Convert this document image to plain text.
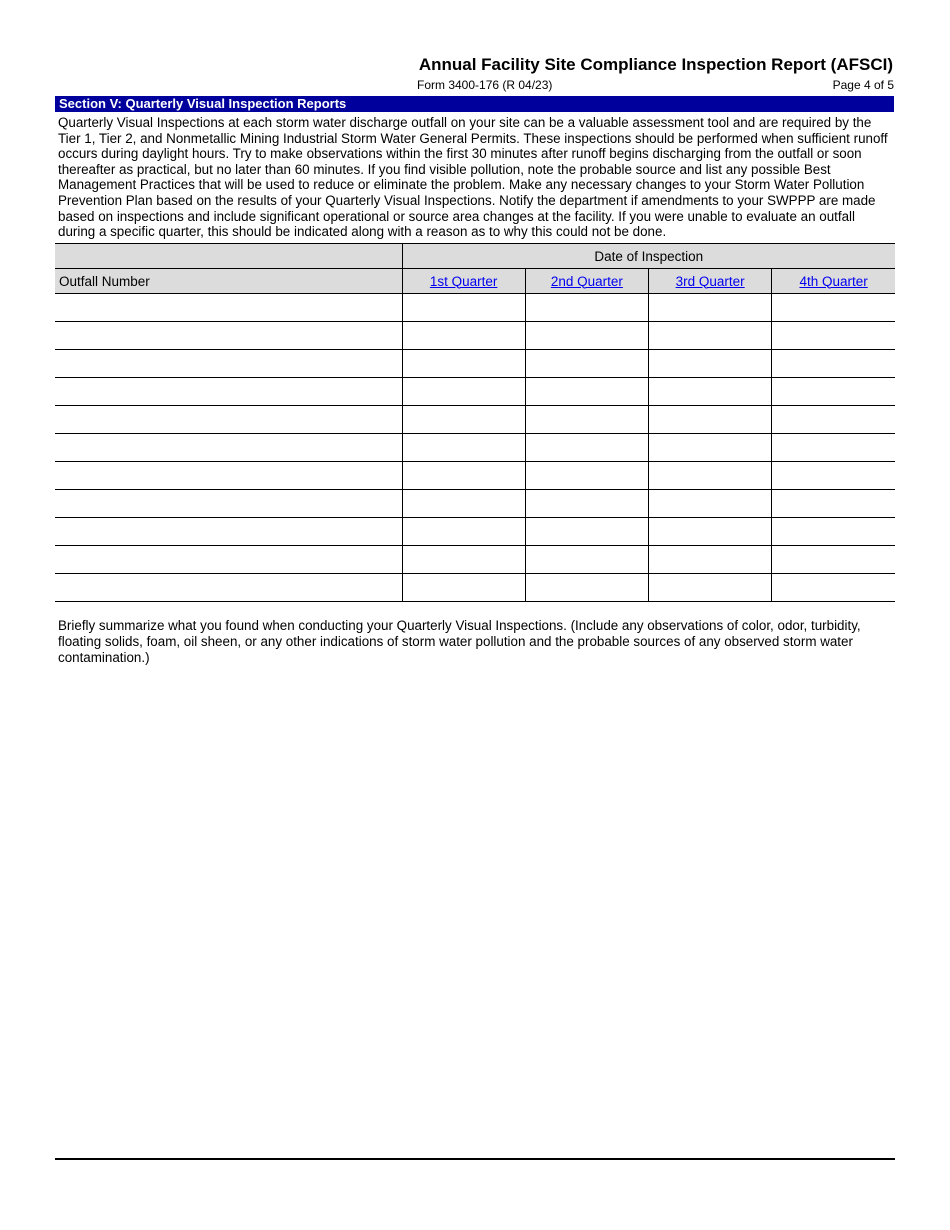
Annual Facility Site Compliance Inspection Report (AFSCI)
Form 3400-176 (R 04/23)	Page 4 of 5
Section V: Quarterly Visual Inspection Reports

Quarterly Visual Inspections at each storm water discharge outfall on your site can be a valuable assessment tool and are required by the Tier 1, Tier 2, and Nonmetallic Mining Industrial Storm Water General Permits. These inspections should be performed when sufficient runoff occurs during daylight hours. Try to make observations within the first 30 minutes after runoff begins discharging from the outfall or soon thereafter as practical, but no later than 60 minutes. If you find visible pollution, note the probable source and list any possible Best Management Practices that will be used to reduce or eliminate the problem. Make any necessary changes to your Storm Water Pollution Prevention Plan based on the results of your Quarterly Visual Inspections. Notify the department if amendments to your SWPPP are made based on inspections and include significant operational or source area changes at the facility. If you were unable to evaluate an outfall during a specific quarter, this should be indicated along with a reason as to why this could not be done.

	Date of Inspection			
Outfall Number	1st Quarter	2nd Quarter	3rd Quarter	4th Quarter

Briefly summarize what you found when conducting your Quarterly Visual Inspections. (Include any observations of color, odor, turbidity, floating solids, foam, oil sheen, or any other indications of storm water pollution and the probable sources of any observed storm water contamination.)
